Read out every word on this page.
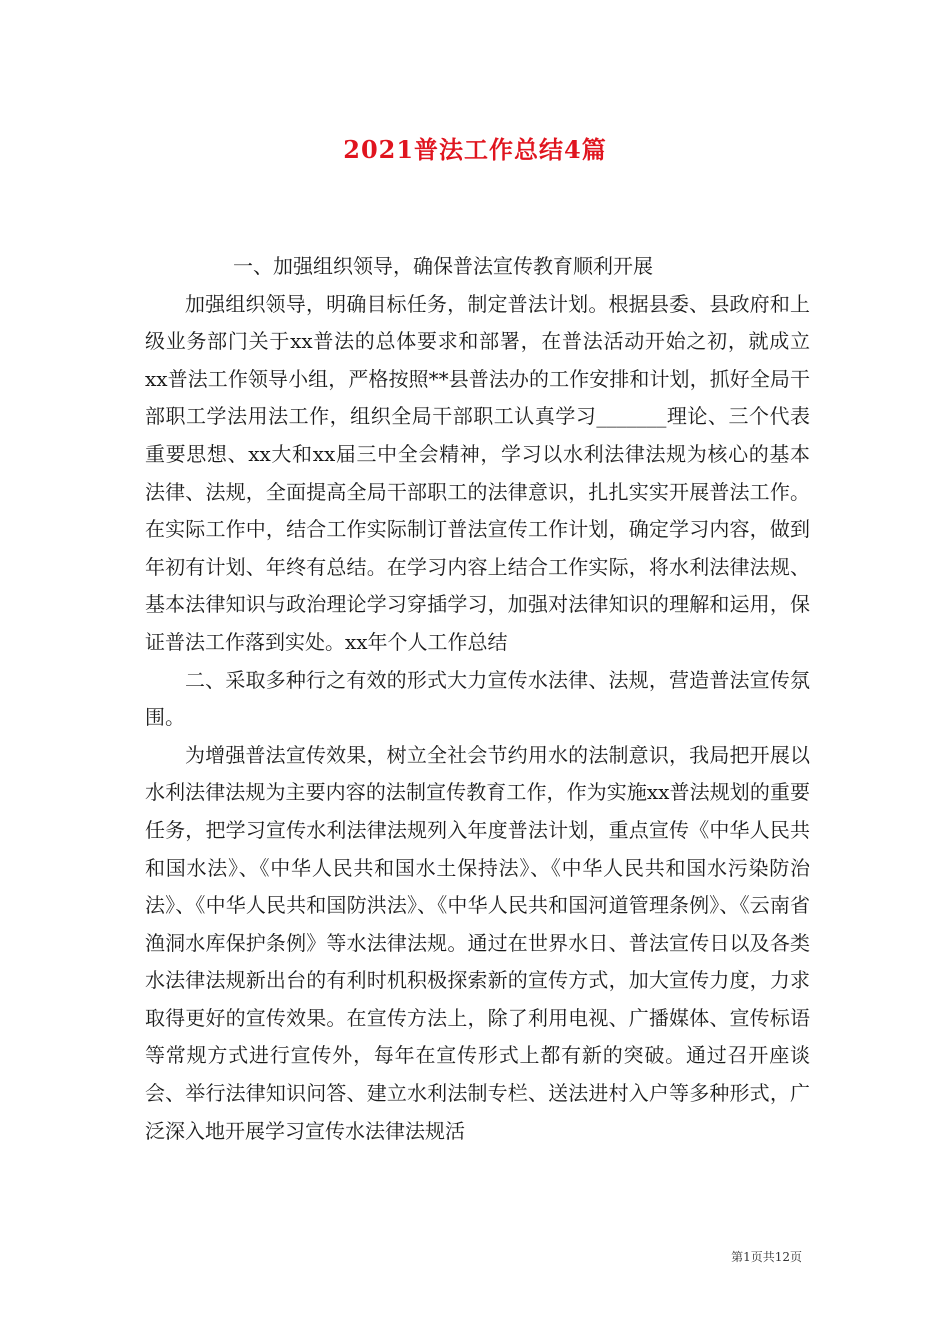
2021普法工作总结4篇

一、加强组织领导，确保普法宣传教育顺利开展

加强组织领导，明确目标任务，制定普法计划。根据县委、县政府和上级业务部门关于xx普法的总体要求和部署，在普法活动开始之初，就成立xx普法工作领导小组，严格按照**县普法办的工作安排和计划，抓好全局干部职工学法用法工作，组织全局干部职工认真学习_______理论、三个代表重要思想、xx大和xx届三中全会精神，学习以水利法律法规为核心的基本法律、法规，全面提高全局干部职工的法律意识，扎扎实实开展普法工作。在实际工作中，结合工作实际制订普法宣传工作计划，确定学习内容，做到年初有计划、年终有总结。在学习内容上结合工作实际，将水利法律法规、基本法律知识与政治理论学习穿插学习，加强对法律知识的理解和运用，保证普法工作落到实处。xx年个人工作总结

二、采取多种行之有效的形式大力宣传水法律、法规，营造普法宣传氛围。

为增强普法宣传效果，树立全社会节约用水的法制意识，我局把开展以水利法律法规为主要内容的法制宣传教育工作，作为实施xx普法规划的重要任务，把学习宣传水利法律法规列入年度普法计划，重点宣传《中华人民共和国水法》、《中华人民共和国水土保持法》、《中华人民共和国水污染防治法》、《中华人民共和国防洪法》、《中华人民共和国河道管理条例》、《云南省渔洞水库保护条例》等水法律法规。通过在世界水日、普法宣传日以及各类水法律法规新出台的有利时机积极探索新的宣传方式，加大宣传力度，力求取得更好的宣传效果。在宣传方法上，除了利用电视、广播媒体、宣传标语等常规方式进行宣传外，每年在宣传形式上都有新的突破。通过召开座谈会、举行法律知识问答、建立水利法制专栏、送法进村入户等多种形式，广泛深入地开展学习宣传水法律法规活

第1页共12页
